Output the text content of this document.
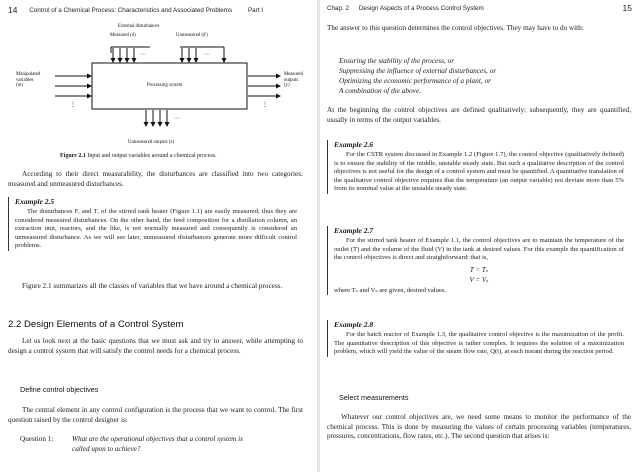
14 Control of a Chemical Process: Characteristics and Associated Problems	Part I
⋮	⋮
···	···
···
External disturbances
Measured (d)	Unmeasured (d')
Manipulated
variables
(m)	Processing system
Measured
outputs
(y)
Unmeasured outputs (z)
Figure 2.1 Input and output variables around a chemical process.

According to their direct measurability, the disturbances are classified into two categories: measured and unmeasured disturbances.

Example 2.5

The disturbances Fᵢ and Tᵢ of the stirred tank heater (Figure 1.1) are easily measured; thus they are considered measured disturbances. On the other hand, the feed composition for a distillation column, an extraction unit, reactors, and the like, is not normally measured and consequently is considered an unmeasured disturbance. As we will see later, unmeasured disturbances generate more difficult control problems.

Figure 2.1 summarizes all the classes of variables that we have around a chemical process.

2.2 Design Elements of a Control System

Let us look next at the basic questions that we must ask and try to answer, while attempting to design a control system that will satisfy the control needs for a chemical process.

Define control objectives

The central element in any control configuration is the process that we want to control. The first question raised by the control designer is:

Question 1:	What are the operational objectives that a control system is called upon to achieve?
Chap. 2 Design Aspects of a Process Control System	15

The answer to this question determines the control objectives. They may have to do with:

Ensuring the stability of the process, or
Suppressing the influence of external disturbances, or
Optimizing the economic performance of a plant, or
A combination of the above.

At the beginning the control objectives are defined qualitatively; subsequently, they are quantified, usually in terms of the output variables.

Example 2.6

For the CSTR system discussed in Example 1.2 (Figure 1.7), the control objective (qualitatively defined) is to ensure the stability of the middle, unstable steady state. But such a qualitative description of the control objectives is not useful for the design of a control system and must be quantified. A quantitative translation of the qualitative control objective requires that the temperature (an output variable) not deviate more than 5% from its nominal value at the unstable steady state.

Example 2.7

For the stirred tank heater of Example 1.1, the control objectives are to maintain the temperature of the outlet (T) and the volume of the fluid (V) in the tank at desired values. For this example the quantification of the control objectives is direct and straightforward: that is,

T = Tₛ
V = Vₛ

where Tₛ and Vₛ are given, desired values.

Example 2.8

For the batch reactor of Example 1.3, the qualitative control objective is the maximization of the profit. The quantitative description of this objective is rather complex. It requires the solution of a maximization problem, which will yield the value of the steam flow rate, Q(t), at each instant during the reaction period.

Select measurements

Whatever our control objectives are, we need some means to monitor the performance of the chemical process. This is done by measuring the values of certain processing variables (temperatures, pressures, concentrations, flow rates, etc.). The second question that arises is:
